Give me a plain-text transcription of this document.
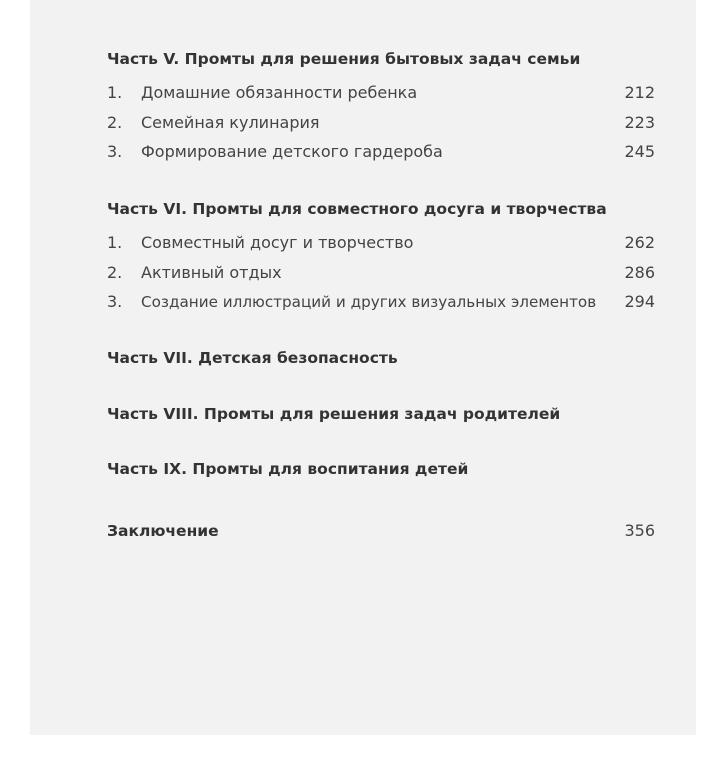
Часть V. Промты для решения бытовых задач семьи
1.	Домашние обязанности ребенка	212
2.	Семейная кулинария	223
3.	Формирование детского гардероба	245
Часть VI. Промты для совместного досуга и творчества
1.	Совместный досуг и творчество	262
2.	Активный отдых	286
3.	Создание иллюстраций и других визуальных элементов	294
Часть VII. Детская безопасность
Часть VIII. Промты для решения задач родителей
Часть IX. Промты для воспитания детей
Заключение	356
